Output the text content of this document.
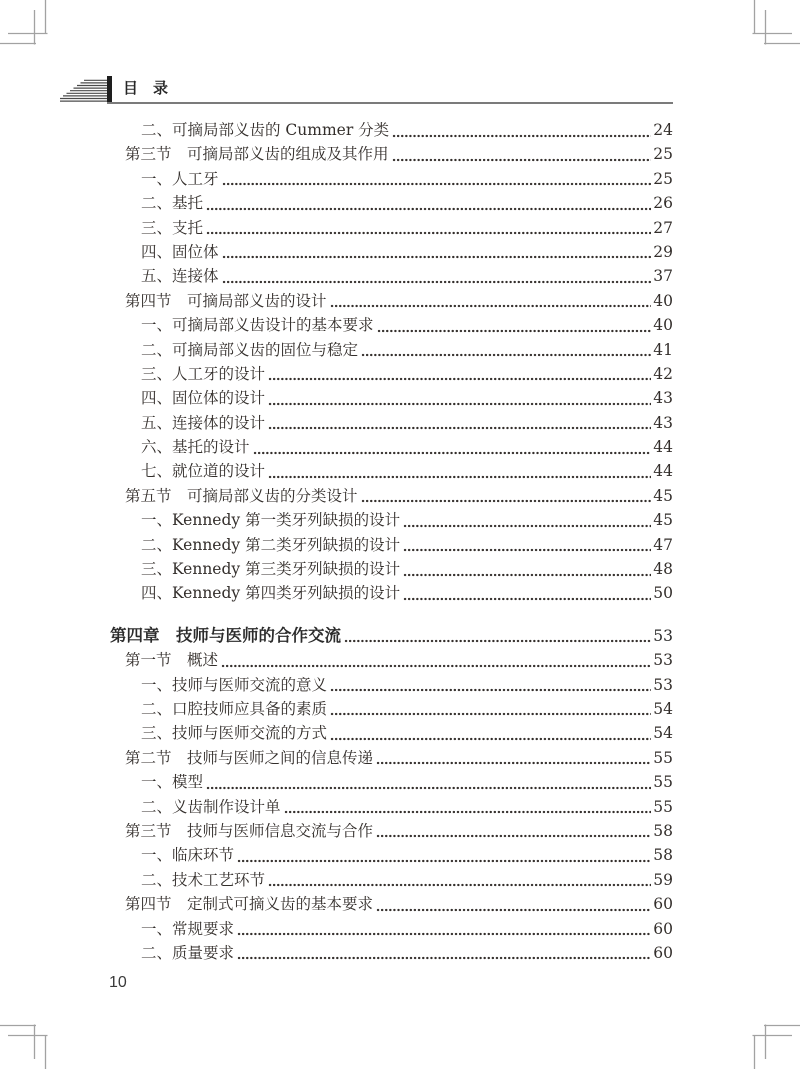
目　录
二、可摘局部义齿的 Cummer 分类	24
第三节　可摘局部义齿的组成及其作用	25
一、人工牙	25
二、基托	26
三、支托	27
四、固位体	29
五、连接体	37
第四节　可摘局部义齿的设计	40
一、可摘局部义齿设计的基本要求	40
二、可摘局部义齿的固位与稳定	41
三、人工牙的设计	42
四、固位体的设计	43
五、连接体的设计	43
六、基托的设计	44
七、就位道的设计	44
第五节　可摘局部义齿的分类设计	45
一、Kennedy 第一类牙列缺损的设计	45
二、Kennedy 第二类牙列缺损的设计	47
三、Kennedy 第三类牙列缺损的设计	48
四、Kennedy 第四类牙列缺损的设计	50
第四章　技师与医师的合作交流	53
第一节　概述	53
一、技师与医师交流的意义	53
二、口腔技师应具备的素质	54
三、技师与医师交流的方式	54
第二节　技师与医师之间的信息传递	55
一、模型	55
二、义齿制作设计单	55
第三节　技师与医师信息交流与合作	58
一、临床环节	58
二、技术工艺环节	59
第四节　定制式可摘义齿的基本要求	60
一、常规要求	60
二、质量要求	60
10
